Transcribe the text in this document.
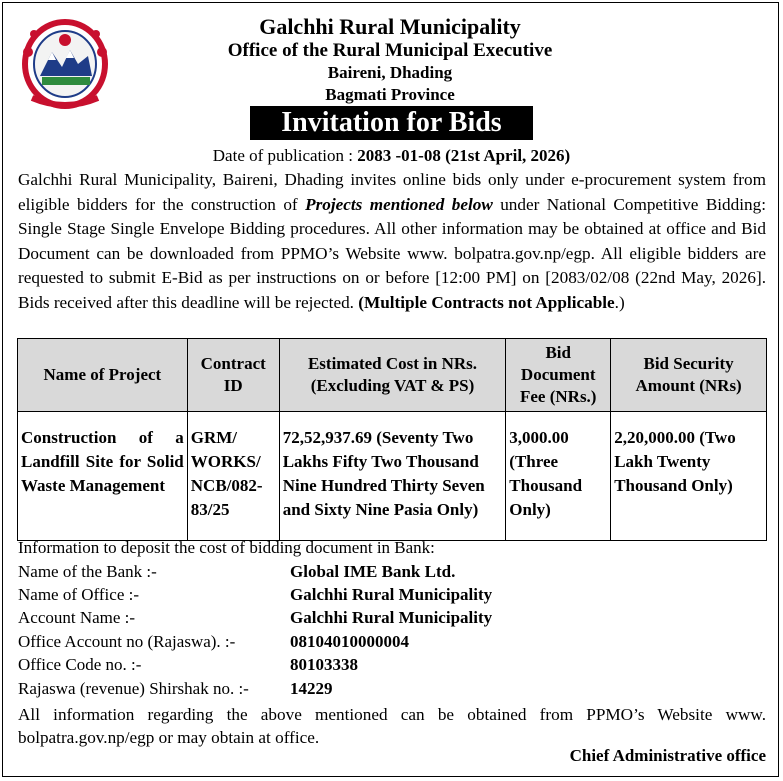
Galchhi Rural Municipality
Office of the Rural Municipal Executive
Baireni, Dhading
Bagmati Province
Invitation for Bids
Date of publication : 2083 -01-08 (21st April, 2026)
Galchhi Rural Municipality, Baireni, Dhading invites online bids only under e-procurement system from eligible bidders for the construction of Projects mentioned below under National Competitive Bidding: Single Stage Single Envelope Bidding procedures. All other information may be obtained at office and Bid Document can be downloaded from PPMO’s Website www. bolpatra.gov.np/egp. All eligible bidders are requested to submit E-Bid as per instructions on or before [12:00 PM] on [2083/02/08 (22nd May, 2026]. Bids received after this deadline will be rejected. (Multiple Contracts not Applicable.)
Name of Project	Contract ID	Estimated Cost in NRs. (Excluding VAT & PS)	Bid Document Fee (NRs.)	Bid Security Amount (NRs)
Construction of a Landfill Site for Solid Waste Management	GRM/ WORKS/ NCB/082-83/25	72,52,937.69 (Seventy Two Lakhs Fifty Two Thousand Nine Hundred Thirty Seven and Sixty Nine Pasia Only)	3,000.00 (Three Thousand Only)	2,20,000.00 (Two Lakh Twenty Thousand Only)
Information to deposit the cost of bidding document in Bank:
Name of the Bank :-	Global IME Bank Ltd.
Name of Office :-	Galchhi Rural Municipality
Account Name :-	Galchhi Rural Municipality
Office Account no (Rajaswa). :-	08104010000004
Office Code no. :-	80103338
Rajaswa (revenue) Shirshak no. :- 14229
All information regarding the above mentioned can be obtained from PPMO’s Website www. bolpatra.gov.np/egp or may obtain at office.
Chief Administrative office
